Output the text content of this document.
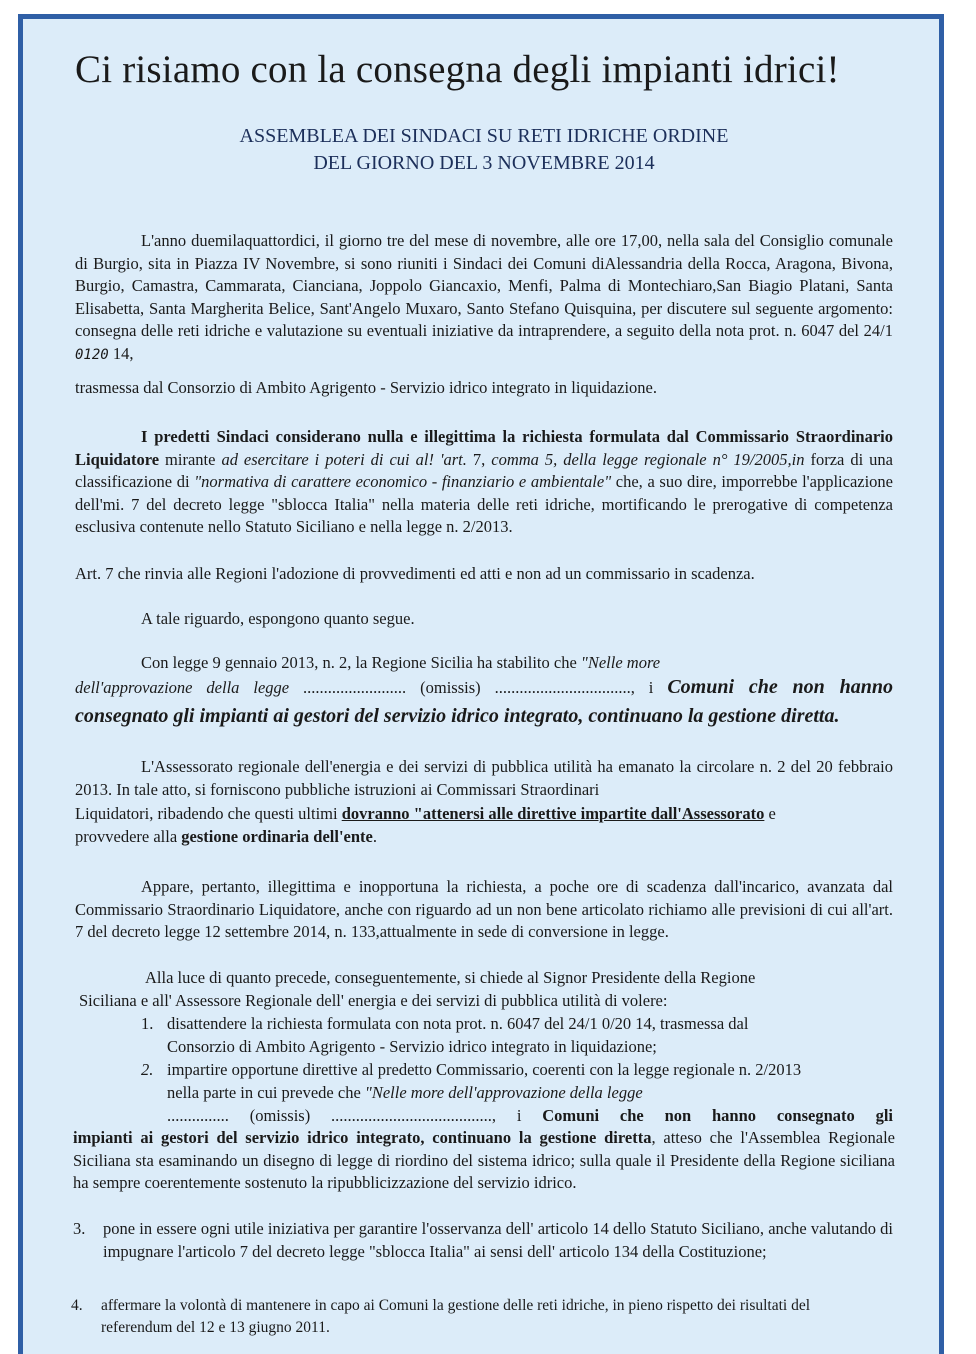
Ci risiamo con la consegna degli impianti idrici!
ASSEMBLEA DEI SINDACI SU RETI IDRICHE ORDINE
DEL GIORNO DEL 3 NOVEMBRE 2014
L'anno duemilaquattordici, il giorno tre del mese di novembre, alle ore 17,00, nella sala del Consiglio comunale di Burgio, sita in Piazza IV Novembre, si sono riuniti i Sindaci dei Comuni diAlessandria della Rocca, Aragona, Bivona, Burgio, Camastra, Cammarata, Cianciana, Joppolo Giancaxio, Menfi, Palma di Montechiaro,San Biagio Platani, Santa Elisabetta, Santa Margherita Belice, Sant'Angelo Muxaro, Santo Stefano Quisquina, per discutere sul seguente argomento: consegna delle reti idriche e valutazione su eventuali iniziative da intraprendere, a seguito della nota prot. n. 6047 del 24/1 0120 14,
trasmessa dal Consorzio di Ambito Agrigento - Servizio idrico integrato in liquidazione.
I predetti Sindaci considerano nulla e illegittima la richiesta formulata dal Commissario Straordinario Liquidatore mirante ad esercitare i poteri di cui al! 'art. 7, comma 5, della legge regionale n° 19/2005,in forza di una classificazione di "normativa di carattere economico - finanziario e ambientale" che, a suo dire, imporrebbe l'applicazione dell'mi. 7 del decreto legge "sblocca Italia" nella materia delle reti idriche, mortificando le prerogative di competenza esclusiva contenute nello Statuto Siciliano e nella legge n. 2/2013.
Art. 7 che rinvia alle Regioni l'adozione di provvedimenti ed atti e non ad un commissario in scadenza.
A tale riguardo, espongono quanto segue.
Con legge 9 gennaio 2013, n. 2, la Regione Sicilia ha stabilito che "Nelle more
dell'approvazione della legge ......................... (omissis) ................................., i Comuni che non hanno consegnato gli impianti ai gestori del servizio idrico integrato, continuano la gestione diretta.
L'Assessorato regionale dell'energia e dei servizi di pubblica utilità ha emanato la circolare n. 2 del 20 febbraio 2013. In tale atto, si forniscono pubbliche istruzioni ai Commissari Straordinari
Liquidatori, ribadendo che questi ultimi dovranno "attenersi alle direttive impartite dall'Assessorato e
provvedere alla gestione ordinaria dell'ente.
Appare, pertanto, illegittima e inopportuna la richiesta, a poche ore di scadenza dall'incarico, avanzata dal Commissario Straordinario Liquidatore, anche con riguardo ad un non bene articolato richiamo alle previsioni di cui all'art. 7 del decreto legge 12 settembre 2014, n. 133,attualmente in sede di conversione in legge.
Alla luce di quanto precede, conseguentemente, si chiede al Signor Presidente della Regione
Siciliana e all' Assessore Regionale dell' energia e dei servizi di pubblica utilità di volere:
1. disattendere la richiesta formulata con nota prot. n. 6047 del 24/1 0/20 14, trasmessa dal
Consorzio di Ambito Agrigento - Servizio idrico integrato in liquidazione;
2. impartire opportune direttive al predetto Commissario, coerenti con la legge regionale n. 2/2013
nella parte in cui prevede che "Nelle more dell'approvazione della legge
............... (omissis) ......................................., i Comuni che non hanno consegnato gli
impianti ai gestori del servizio idrico integrato, continuano la gestione diretta, atteso che l'Assemblea Regionale Siciliana sta esaminando un disegno di legge di riordino del sistema idrico; sulla quale il Presidente della Regione siciliana ha sempre coerentemente sostenuto la ripubblicizzazione del servizio idrico.
3. pone in essere ogni utile iniziativa per garantire l'osservanza dell' articolo 14 dello Statuto Siciliano, anche valutando di impugnare l'articolo 7 del decreto legge "sblocca Italia" ai sensi dell' articolo 134 della Costituzione;
4. affermare la volontà di mantenere in capo ai Comuni la gestione delle reti idriche, in pieno rispetto dei risultati del referendum del 12 e 13 giugno 2011.
